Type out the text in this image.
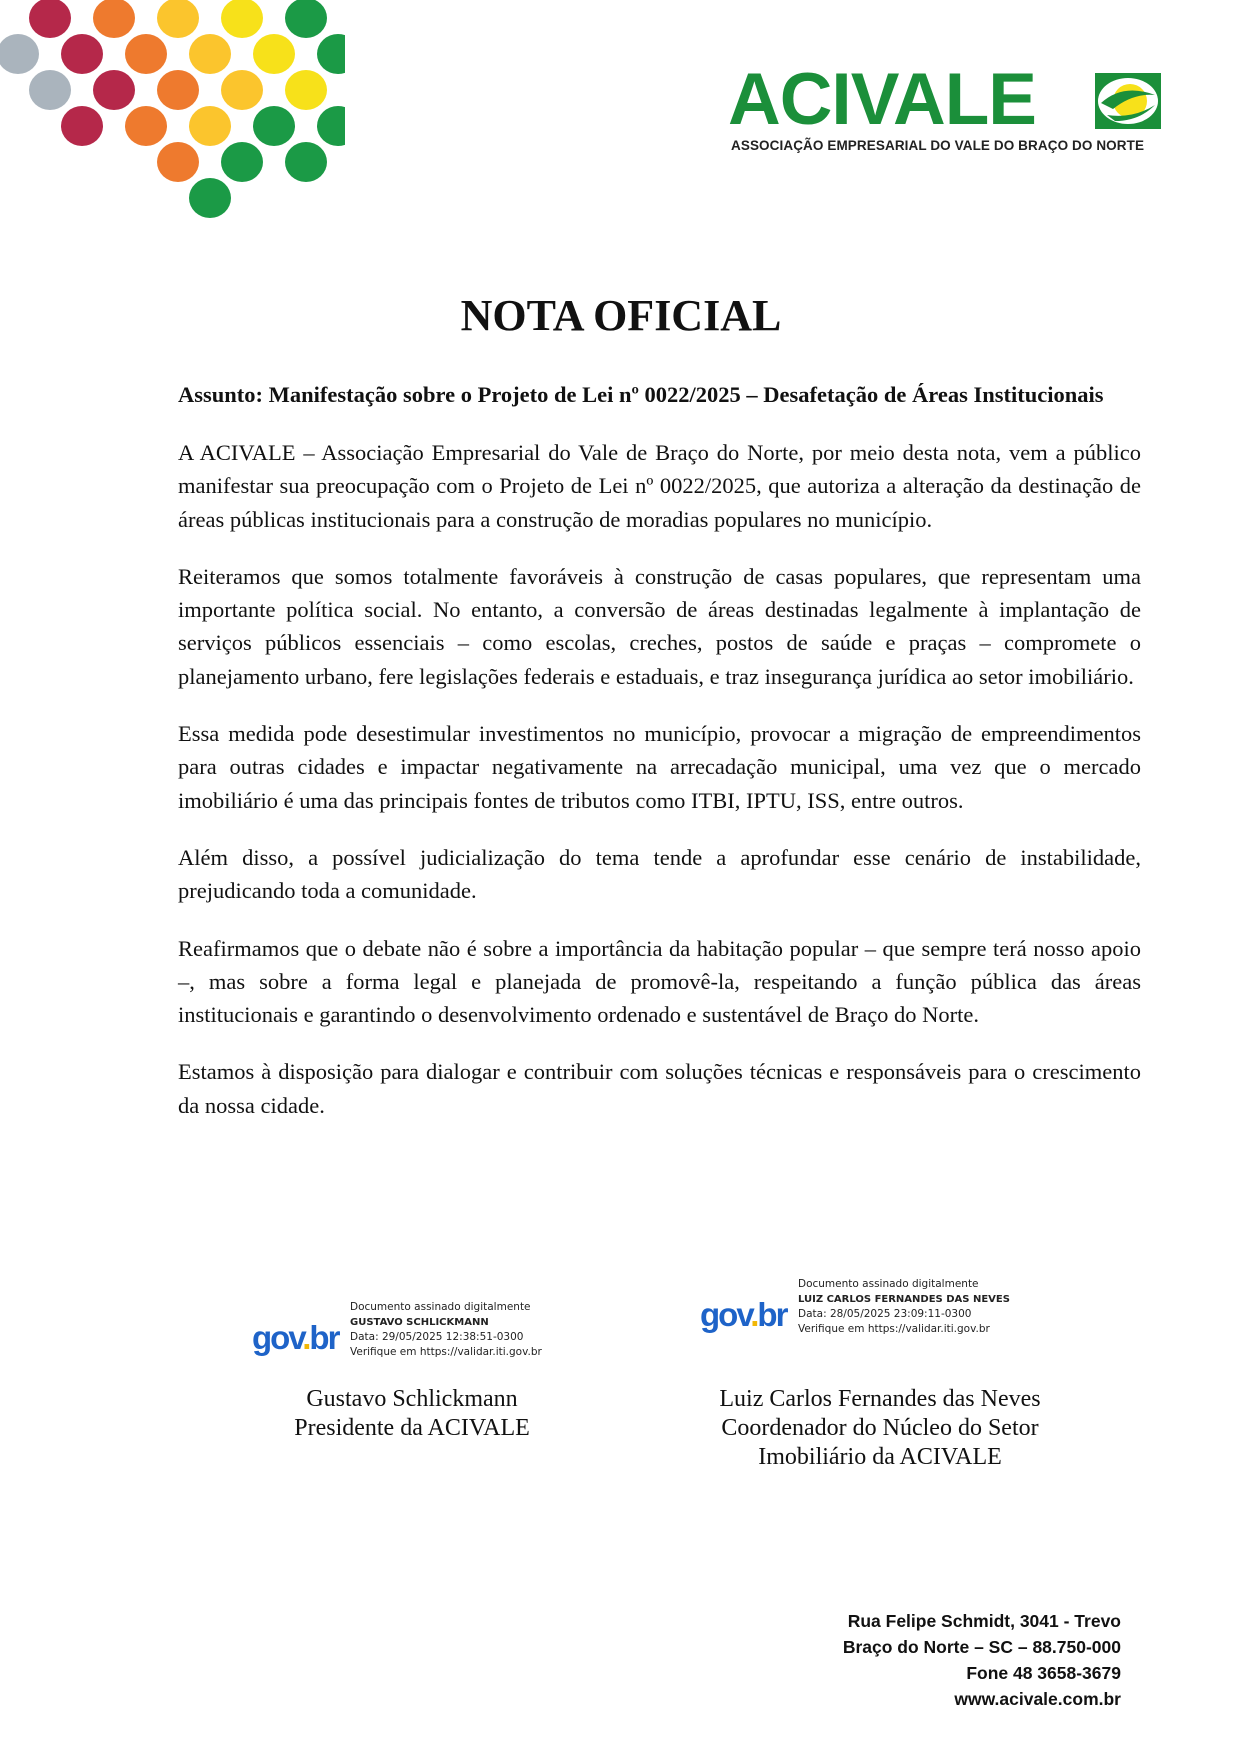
ACIVALE
ASSOCIAÇÃO EMPRESARIAL DO VALE DO BRAÇO DO NORTE
NOTA OFICIAL

Assunto: Manifestação sobre o Projeto de Lei nº 0022/2025 – Desafetação de Áreas Institucionais

A ACIVALE – Associação Empresarial do Vale de Braço do Norte, por meio desta nota, vem a público manifestar sua preocupação com o Projeto de Lei nº 0022/2025, que autoriza a alteração da destinação de áreas públicas institucionais para a construção de moradias populares no município.

Reiteramos que somos totalmente favoráveis à construção de casas populares, que representam uma importante política social. No entanto, a conversão de áreas destinadas legalmente à implantação de serviços públicos essenciais – como escolas, creches, postos de saúde e praças – compromete o planejamento urbano, fere legislações federais e estaduais, e traz insegurança jurídica ao setor imobiliário.

Essa medida pode desestimular investimentos no município, provocar a migração de empreendimentos para outras cidades e impactar negativamente na arrecadação municipal, uma vez que o mercado imobiliário é uma das principais fontes de tributos como ITBI, IPTU, ISS, entre outros.

Além disso, a possível judicialização do tema tende a aprofundar esse cenário de instabilidade, prejudicando toda a comunidade.

Reafirmamos que o debate não é sobre a importância da habitação popular – que sempre terá nosso apoio –, mas sobre a forma legal e planejada de promovê-la, respeitando a função pública das áreas institucionais e garantindo o desenvolvimento ordenado e sustentável de Braço do Norte.

Estamos à disposição para dialogar e contribuir com soluções técnicas e responsáveis para o crescimento da nossa cidade.

gov.br
Documento assinado digitalmente
GUSTAVO SCHLICKMANN
Data: 29/05/2025 12:38:51-0300
Verifique em https://validar.iti.gov.br
gov.br
Documento assinado digitalmente
LUIZ CARLOS FERNANDES DAS NEVES
Data: 28/05/2025 23:09:11-0300
Verifique em https://validar.iti.gov.br
Gustavo Schlickmann
Presidente da ACIVALE
Luiz Carlos Fernandes das Neves
Coordenador do Núcleo do Setor
Imobiliário da ACIVALE
Rua Felipe Schmidt, 3041 - Trevo
Braço do Norte – SC – 88.750-000
Fone 48 3658-3679
www.acivale.com.br
